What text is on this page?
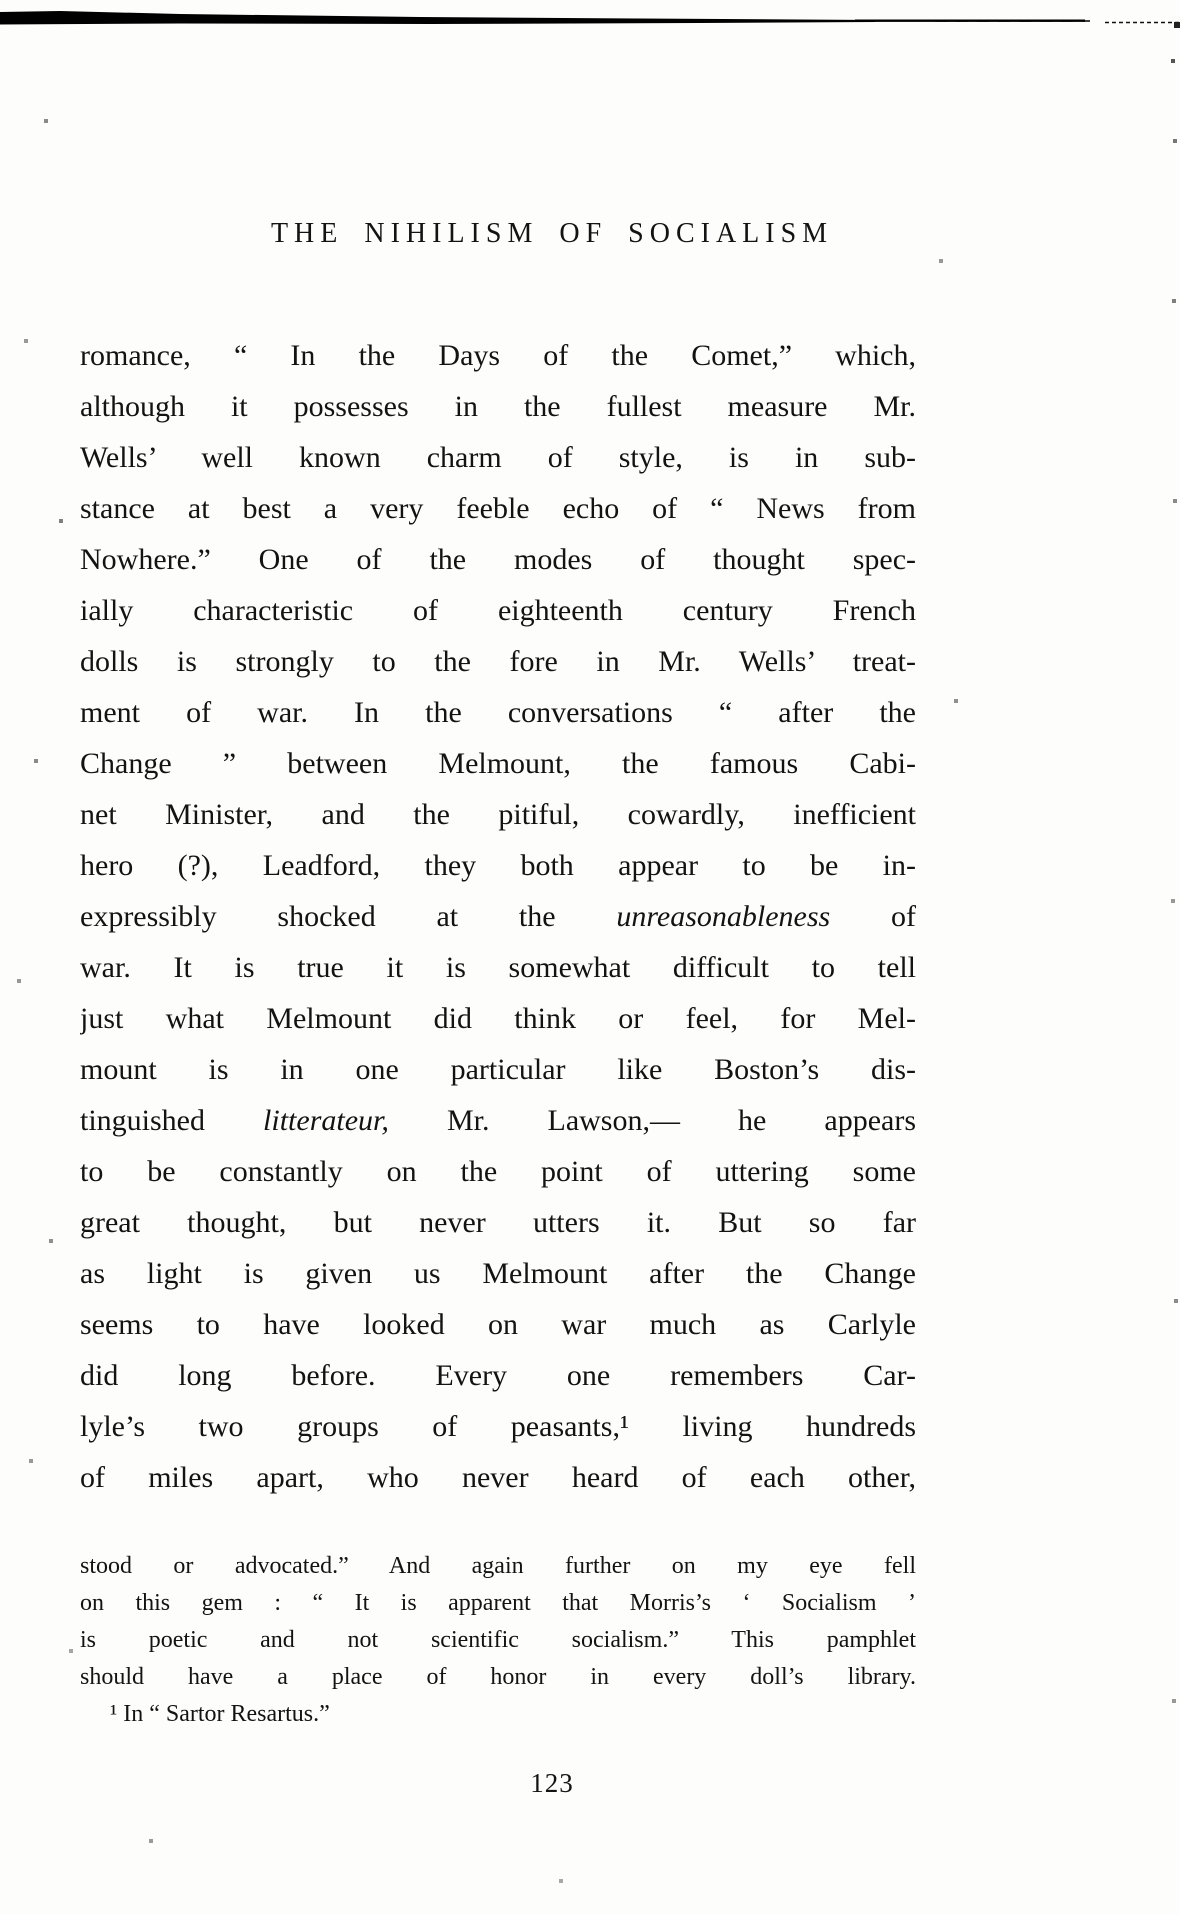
THE NIHILISM OF SOCIALISM
romance, “ In the Days of the Comet,” which,
although it possesses in the fullest measure Mr.
Wells’ well known charm of style, is in sub-
stance at best a very feeble echo of “ News from
Nowhere.” One of the modes of thought spec-
ially characteristic of eighteenth century French
dolls is strongly to the fore in Mr. Wells’ treat-
ment of war. In the conversations “ after the
Change ” between Melmount, the famous Cabi-
net Minister, and the pitiful, cowardly, inefficient
hero (?), Leadford, they both appear to be in-
expressibly shocked at the unreasonableness of
war. It is true it is somewhat difficult to tell
just what Melmount did think or feel, for Mel-
mount is in one particular like Boston’s dis-
tinguished litterateur, Mr. Lawson,— he appears
to be constantly on the point of uttering some
great thought, but never utters it. But so far
as light is given us Melmount after the Change
seems to have looked on war much as Carlyle
did long before. Every one remembers Car-
lyle’s two groups of peasants,¹ living hundreds
of miles apart, who never heard of each other,
stood or advocated.” And again further on my eye fell
on this gem : “ It is apparent that Morris’s ‘ Socialism ’
is poetic and not scientific socialism.” This pamphlet
should have a place of honor in every doll’s library.
¹ In “ Sartor Resartus.”
123
